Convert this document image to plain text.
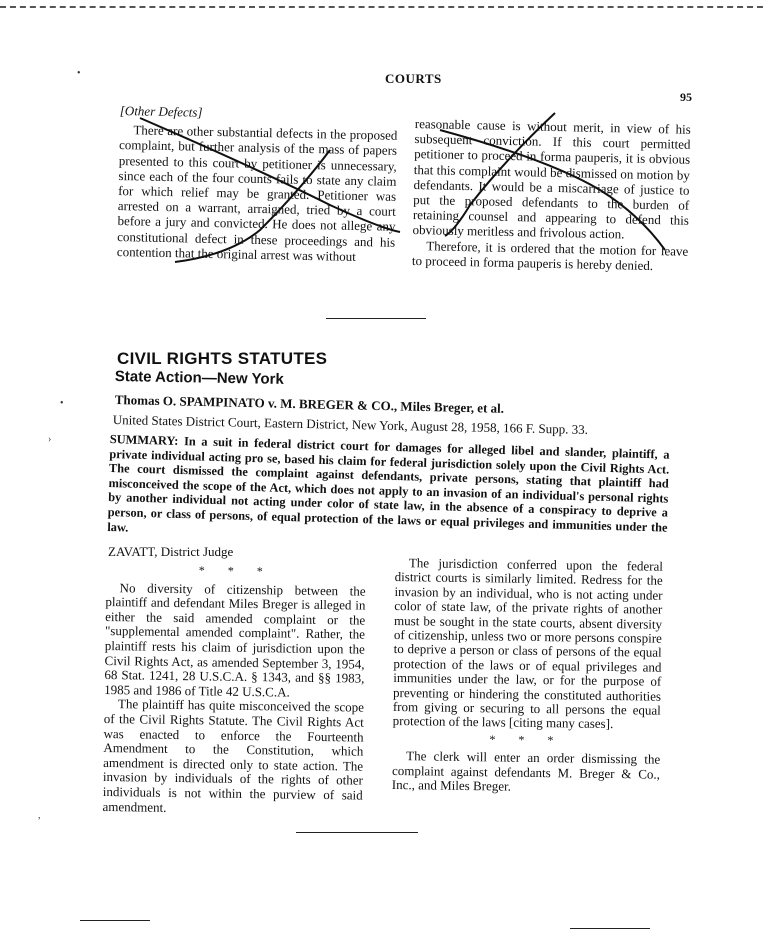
COURTS
95
[Other Defects]

There are other substantial defects in the proposed complaint, but further analysis of the mass of papers presented to this court by petitioner is unnecessary, since each of the four counts fails to state any claim for which relief may be granted. Petitioner was arrested on a warrant, arraigned, tried by a court before a jury and convicted. He does not allege any constitutional defect in these proceedings and his contention that the original arrest was without

reasonable cause is without merit, in view of his subsequent conviction. If this court permitted petitioner to proceed in forma pauperis, it is obvious that this complaint would be dismissed on motion by defendants. It would be a miscarriage of justice to put the proposed defendants to the burden of retaining counsel and appearing to defend this obviously meritless and frivolous action.

Therefore, it is ordered that the motion for leave to proceed in forma pauperis is hereby denied.

CIVIL RIGHTS STATUTES
State Action—New York
Thomas O. SPAMPINATO v. M. BREGER & CO., Miles Breger, et al.
United States District Court, Eastern District, New York, August 28, 1958, 166 F. Supp. 33.
SUMMARY: In a suit in federal district court for damages for alleged libel and slander, plaintiff, a private individual acting pro se, based his claim for federal jurisdiction solely upon the Civil Rights Act. The court dismissed the complaint against defendants, private persons, stating that plaintiff had misconceived the scope of the Act, which does not apply to an invasion of an individual's personal rights by another individual not acting under color of state law, in the absence of a conspiracy to deprive a person, or class of persons, of equal protection of the laws or equal privileges and immunities under the law.
ZAVATT, District Judge
* * *

No diversity of citizenship between the plaintiff and defendant Miles Breger is alleged in either the said amended complaint or the "supplemental amended complaint". Rather, the plaintiff rests his claim of jurisdiction upon the Civil Rights Act, as amended September 3, 1954, 68 Stat. 1241, 28 U.S.C.A. § 1343, and §§ 1983, 1985 and 1986 of Title 42 U.S.C.A.

The plaintiff has quite misconceived the scope of the Civil Rights Statute. The Civil Rights Act was enacted to enforce the Fourteenth Amendment to the Constitution, which amendment is directed only to state action. The invasion by individuals of the rights of other individuals is not within the purview of said amendment.

The jurisdiction conferred upon the federal district courts is similarly limited. Redress for the invasion by an individual, who is not acting under color of state law, of the private rights of another must be sought in the state courts, absent diversity of citizenship, unless two or more persons conspire to deprive a person or class of persons of the equal protection of the laws or of equal privileges and immunities under the law, or for the purpose of preventing or hindering the constituted authorities from giving or securing to all persons the equal protection of the laws [citing many cases].

* * *

The clerk will enter an order dismissing the complaint against defendants M. Breger & Co., Inc., and Miles Breger.

•
•
›
,
